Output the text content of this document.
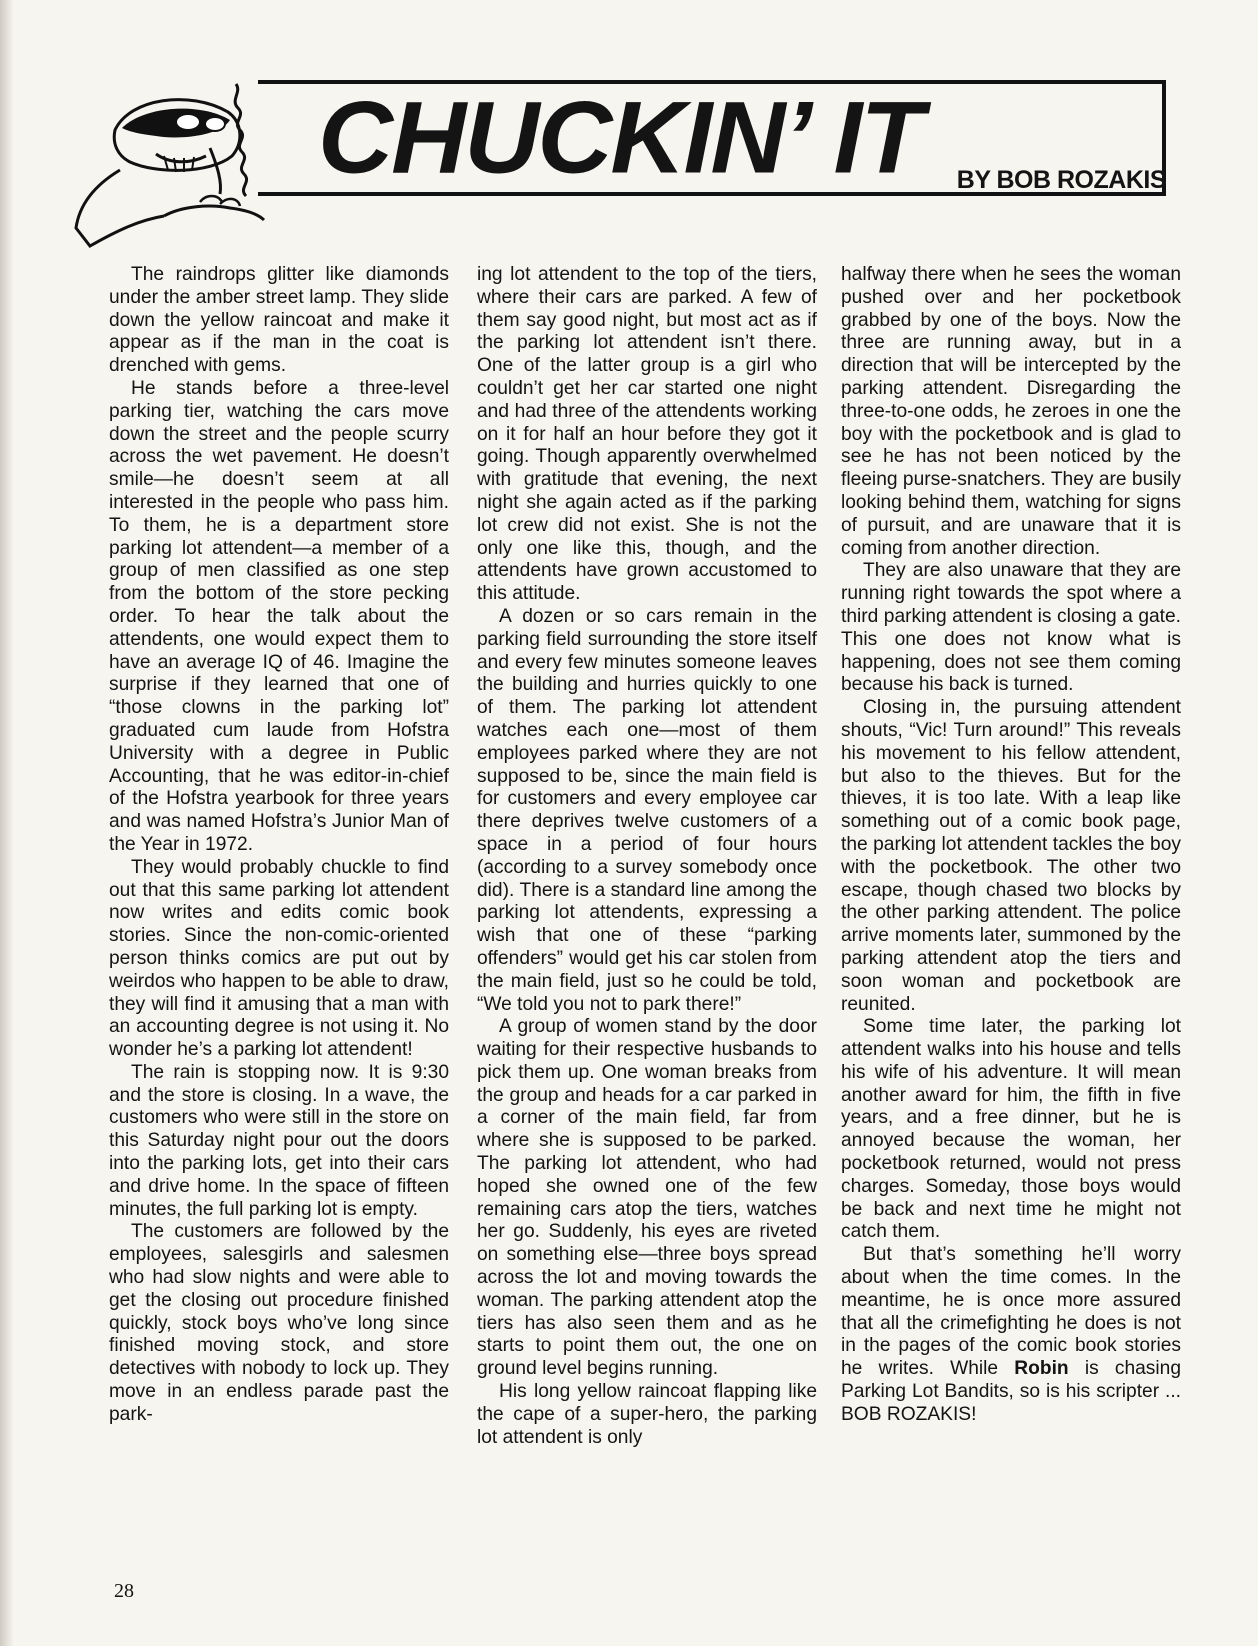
CHUCKIN’ IT BY BOB ROZAKIS

The raindrops glitter like diamonds under the amber street lamp. They slide down the yellow raincoat and make it appear as if the man in the coat is drenched with gems.

He stands before a three-level parking tier, watching the cars move down the street and the people scurry across the wet pavement. He doesn’t smile—he doesn’t seem at all interested in the people who pass him. To them, he is a department store parking lot attendent—a member of a group of men classified as one step from the bottom of the store pecking order. To hear the talk about the attendents, one would expect them to have an average IQ of 46. Imagine the surprise if they learned that one of “those clowns in the parking lot” graduated cum laude from Hofstra University with a degree in Public Accounting, that he was editor-in-chief of the Hofstra yearbook for three years and was named Hofstra’s Junior Man of the Year in 1972.

They would probably chuckle to find out that this same parking lot attendent now writes and edits comic book stories. Since the non-comic-oriented person thinks comics are put out by weirdos who happen to be able to draw, they will find it amusing that a man with an accounting degree is not using it. No wonder he’s a parking lot attendent!

The rain is stopping now. It is 9:30 and the store is closing. In a wave, the customers who were still in the store on this Saturday night pour out the doors into the parking lots, get into their cars and drive home. In the space of fifteen minutes, the full parking lot is empty.

The customers are followed by the employees, salesgirls and salesmen who had slow nights and were able to get the closing out procedure finished quickly, stock boys who’ve long since finished moving stock, and store detectives with nobody to lock up. They move in an endless parade past the park-

ing lot attendent to the top of the tiers, where their cars are parked. A few of them say good night, but most act as if the parking lot attendent isn’t there. One of the latter group is a girl who couldn’t get her car started one night and had three of the attendents working on it for half an hour before they got it going. Though apparently overwhelmed with gratitude that evening, the next night she again acted as if the parking lot crew did not exist. She is not the only one like this, though, and the attendents have grown accustomed to this attitude.

A dozen or so cars remain in the parking field surrounding the store itself and every few minutes someone leaves the building and hurries quickly to one of them. The parking lot attendent watches each one—most of them employees parked where they are not supposed to be, since the main field is for customers and every employee car there deprives twelve customers of a space in a period of four hours (according to a survey somebody once did). There is a standard line among the parking lot attendents, expressing a wish that one of these “parking offenders” would get his car stolen from the main field, just so he could be told, “We told you not to park there!”

A group of women stand by the door waiting for their respective husbands to pick them up. One woman breaks from the group and heads for a car parked in a corner of the main field, far from where she is supposed to be parked. The parking lot attendent, who had hoped she owned one of the few remaining cars atop the tiers, watches her go. Suddenly, his eyes are riveted on something else—three boys spread across the lot and moving towards the woman. The parking attendent atop the tiers has also seen them and as he starts to point them out, the one on ground level begins running.

His long yellow raincoat flapping like the cape of a super-hero, the parking lot attendent is only

halfway there when he sees the woman pushed over and her pocketbook grabbed by one of the boys. Now the three are running away, but in a direction that will be intercepted by the parking attendent. Disregarding the three-to-one odds, he zeroes in one the boy with the pocketbook and is glad to see he has not been noticed by the fleeing purse-snatchers. They are busily looking behind them, watching for signs of pursuit, and are unaware that it is coming from another direction.

They are also unaware that they are running right towards the spot where a third parking attendent is closing a gate. This one does not know what is happening, does not see them coming because his back is turned.

Closing in, the pursuing attendent shouts, “Vic! Turn around!” This reveals his movement to his fellow attendent, but also to the thieves. But for the thieves, it is too late. With a leap like something out of a comic book page, the parking lot attendent tackles the boy with the pocketbook. The other two escape, though chased two blocks by the other parking attendent. The police arrive moments later, summoned by the parking attendent atop the tiers and soon woman and pocketbook are reunited.

Some time later, the parking lot attendent walks into his house and tells his wife of his adventure. It will mean another award for him, the fifth in five years, and a free dinner, but he is annoyed because the woman, her pocketbook returned, would not press charges. Someday, those boys would be back and next time he might not catch them.

But that’s something he’ll worry about when the time comes. In the meantime, he is once more assured that all the crimefighting he does is not in the pages of the comic book stories he writes. While Robin is chasing Parking Lot Bandits, so is his scripter ... BOB ROZAKIS!

28
